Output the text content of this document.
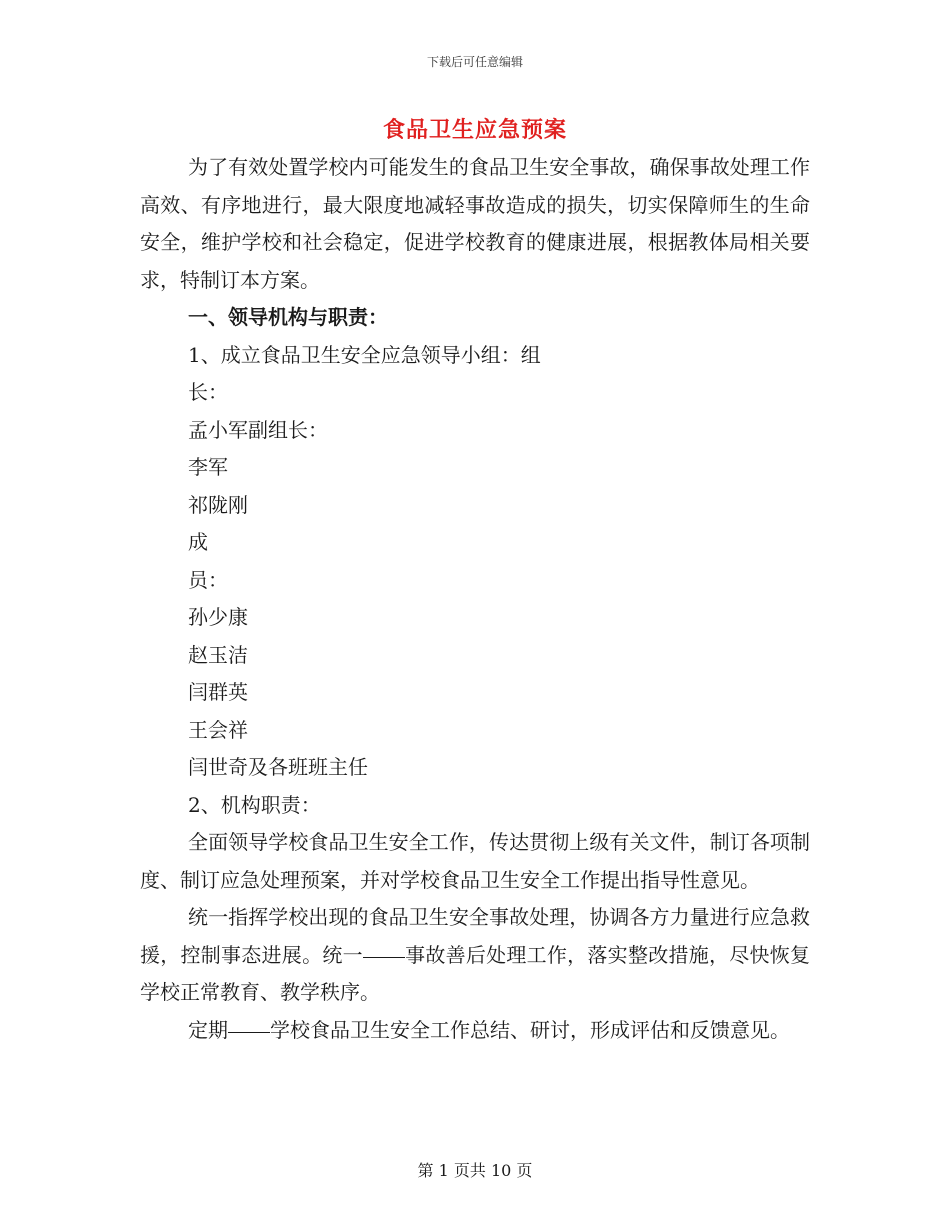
下载后可任意编辑
食品卫生应急预案

为了有效处置学校内可能发生的食品卫生安全事故，确保事故处理工作高效、有序地进行，最大限度地减轻事故造成的损失，切实保障师生的生命安全，维护学校和社会稳定，促进学校教育的健康进展，根据教体局相关要求，特制订本方案。

一、领导机构与职责：

1、成立食品卫生安全应急领导小组：组

长：

孟小军副组长：

李军

祁陇刚

成

员：

孙少康

赵玉洁

闫群英

王会祥

闫世奇及各班班主任

2、机构职责：

全面领导学校食品卫生安全工作，传达贯彻上级有关文件，制订各项制度、制订应急处理预案，并对学校食品卫生安全工作提出指导性意见。

统一指挥学校出现的食品卫生安全事故处理，协调各方力量进行应急救援，控制事态进展。统一 事故善后处理工作，落实整改措施，尽快恢复学校正常教育、教学秩序。

定期 学校食品卫生安全工作总结、研讨，形成评估和反馈意见。

第 1 页共 10 页
